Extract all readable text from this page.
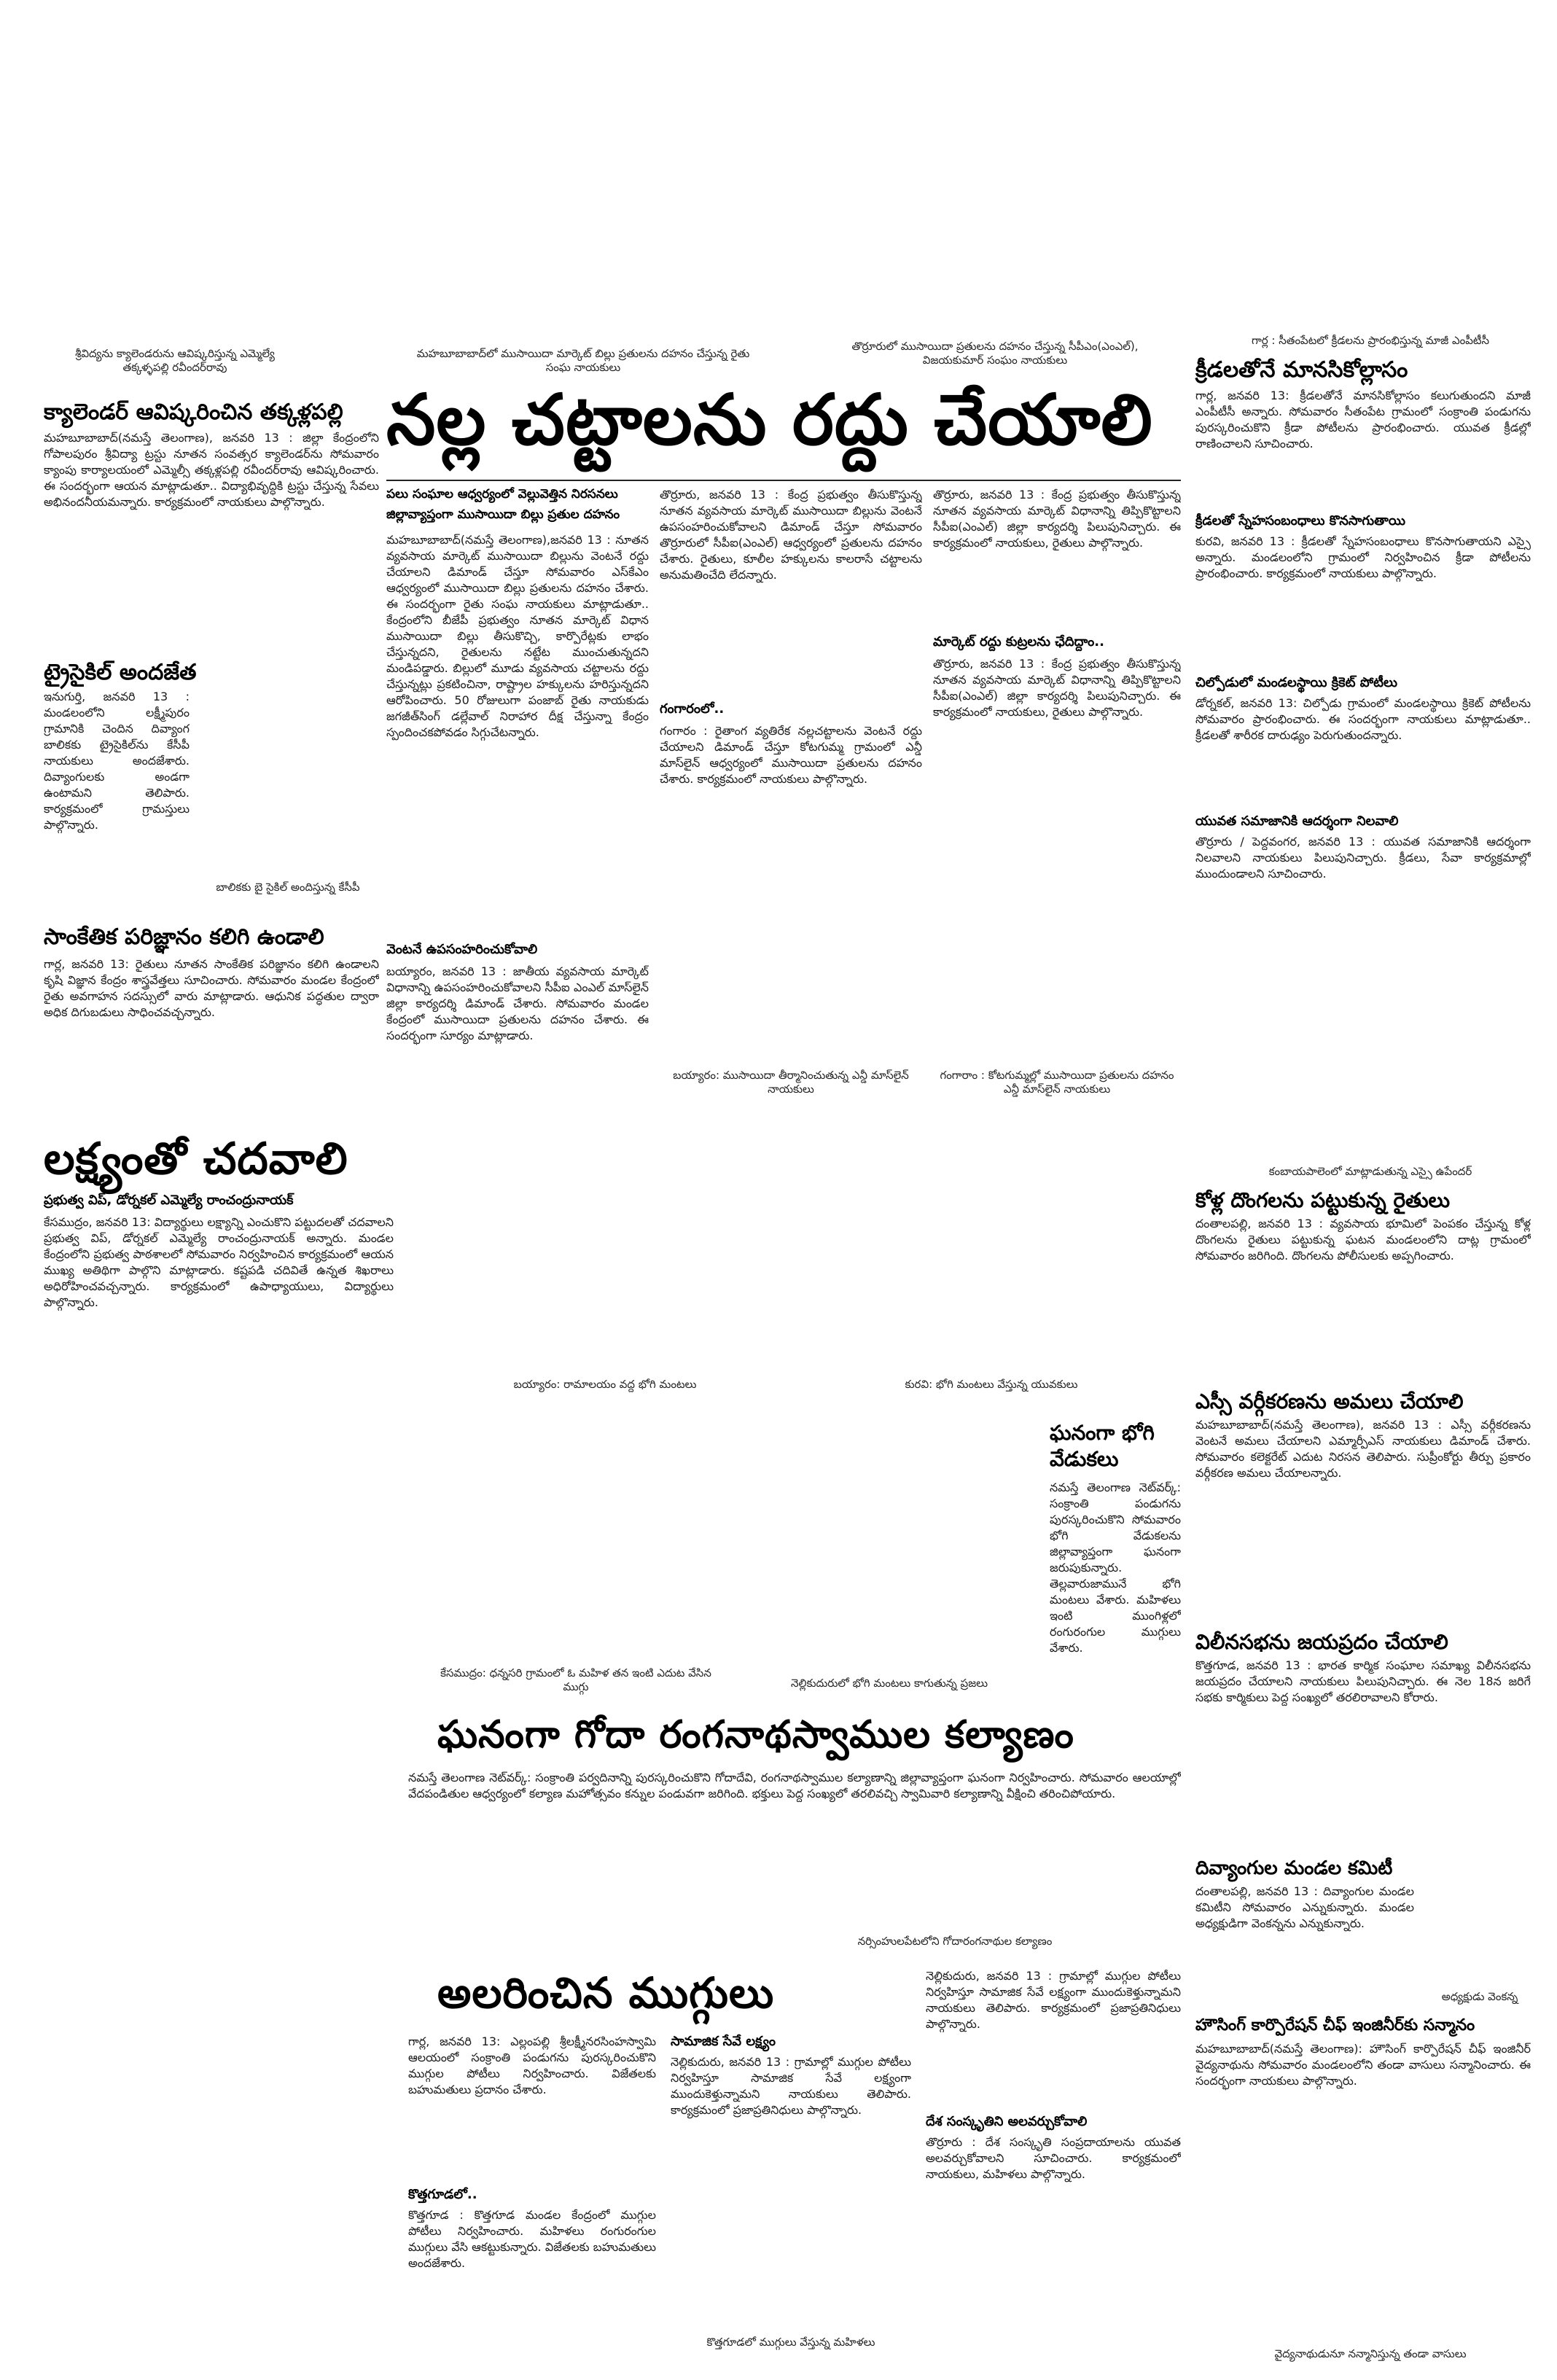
శ్రీవిద్యను క్యాలెండరును ఆవిష్కరిస్తున్న ఎమ్మెల్యే తక్కళ్ళపల్లి రవీందర్‌రావు
మహబూబాబాద్‌లో ముసాయిదా మార్కెట్ బిల్లు ప్రతులను దహనం చేస్తున్న రైతు సంఘ నాయకులు
తొర్రూరులో ముసాయిదా ప్రతులను దహనం చేస్తున్న సీపీఎం(ఎంఎల్), విజయకుమార్ సంఘం నాయకులు
గార్ల : సీతంపేటలో క్రీడలను ప్రారంభిస్తున్న మాజీ ఎంపీటీసీ
క్యాలెండర్ ఆవిష్కరించిన తక్కళ్లపల్లి
మహబూబాబాద్(నమస్తే తెలంగాణ), జనవరి 13 : జిల్లా కేంద్రంలోని గోపాలపురం శ్రీవిద్యా ట్రస్టు నూతన సంవత్సర క్యాలెండర్‌ను సోమవారం క్యాంపు కార్యాలయంలో ఎమ్మెల్సీ తక్కళ్లపల్లి రవీందర్‌రావు ఆవిష్కరించారు. ఈ సందర్భంగా ఆయన మాట్లాడుతూ.. విద్యాభివృద్ధికి ట్రస్టు చేస్తున్న సేవలు అభినందనీయమన్నారు. కార్యక్రమంలో నాయకులు పాల్గొన్నారు.
ట్రైసైకిల్ అందజేత
ఇనుగుర్తి, జనవరి 13 : మండలంలోని లక్ష్మీపురం గ్రామానికి చెందిన దివ్యాంగ బాలికకు ట్రైసైకిల్‌ను కేసీపీ నాయకులు అందజేశారు. దివ్యాంగులకు అండగా ఉంటామని తెలిపారు. కార్యక్రమంలో గ్రామస్తులు పాల్గొన్నారు.
బాలికకు బై సైకిల్ అందిస్తున్న కేసీపీ
సాంకేతిక పరిజ్ఞానం కలిగి ఉండాలి
గార్ల, జనవరి 13: రైతులు నూతన సాంకేతిక పరిజ్ఞానం కలిగి ఉండాలని కృషి విజ్ఞాన కేంద్రం శాస్త్రవేత్తలు సూచించారు. సోమవారం మండల కేంద్రంలో రైతు అవగాహన సదస్సులో వారు మాట్లాడారు. ఆధునిక పద్ధతుల ద్వారా అధిక దిగుబడులు సాధించవచ్చన్నారు.
నల్ల చట్టాలను రద్దు చేయాలి
పలు సంఘాల ఆధ్వర్యంలో వెల్లువెత్తిన నిరసనలు
జిల్లావ్యాప్తంగా ముసాయిదా బిల్లు ప్రతుల దహనం
మహబూబాబాద్(నమస్తే తెలంగాణ),జనవరి 13 : నూతన వ్యవసాయ మార్కెట్ ముసాయిదా బిల్లును వెంటనే రద్దు చేయాలని డిమాండ్ చేస్తూ సోమవారం ఎస్‌కేఎం ఆధ్వర్యంలో ముసాయిదా బిల్లు ప్రతులను దహనం చేశారు. ఈ సందర్భంగా రైతు సంఘ నాయకులు మాట్లాడుతూ.. కేంద్రంలోని బీజేపీ ప్రభుత్వం నూతన మార్కెట్ విధాన ముసాయిదా బిల్లు తీసుకొచ్చి, కార్పొరేట్లకు లాభం చేస్తున్నదని, రైతులను నట్టేట ముంచుతున్నదని మండిపడ్డారు. బిల్లులో మూడు వ్యవసాయ చట్టాలను రద్దు చేస్తున్నట్లు ప్రకటించినా, రాష్ట్రాల హక్కులను హరిస్తున్నదని ఆరోపించారు. 50 రోజులుగా పంజాబ్ రైతు నాయకుడు జగజీత్‌సింగ్ డల్లేవాల్ నిరాహార దీక్ష చేస్తున్నా కేంద్రం స్పందించకపోవడం సిగ్గుచేటన్నారు.
వెంటనే ఉపసంహరించుకోవాలి
బయ్యారం, జనవరి 13 : జాతీయ వ్యవసాయ మార్కెట్ విధానాన్ని ఉపసంహరించుకోవాలని సీపీఐ ఎంఎల్ మాస్‌లైన్ జిల్లా కార్యదర్శి డిమాండ్ చేశారు. సోమవారం మండల కేంద్రంలో ముసాయిదా ప్రతులను దహనం చేశారు. ఈ సందర్భంగా సూర్యం మాట్లాడారు.
తొర్రూరు, జనవరి 13 : కేంద్ర ప్రభుత్వం తీసుకొస్తున్న నూతన వ్యవసాయ మార్కెట్ ముసాయిదా బిల్లును వెంటనే ఉపసంహరించుకోవాలని డిమాండ్ చేస్తూ సోమవారం తొర్రూరులో సీపీఐ(ఎంఎల్) ఆధ్వర్యంలో ప్రతులను దహనం చేశారు. రైతులు, కూలీల హక్కులను కాలరాసే చట్టాలను అనుమతించేది లేదన్నారు.
గంగారంలో..
గంగారం : రైతాంగ వ్యతిరేక నల్లచట్టాలను వెంటనే రద్దు చేయాలని డిమాండ్ చేస్తూ కోటగుమ్మ గ్రామంలో ఎన్డీ మాస్‌లైన్ ఆధ్వర్యంలో ముసాయిదా ప్రతులను దహనం చేశారు. కార్యక్రమంలో నాయకులు పాల్గొన్నారు.
తొర్రూరు, జనవరి 13 : కేంద్ర ప్రభుత్వం తీసుకొస్తున్న నూతన వ్యవసాయ మార్కెట్ విధానాన్ని తిప్పికొట్టాలని సీపీఐ(ఎంఎల్) జిల్లా కార్యదర్శి పిలుపునిచ్చారు. ఈ కార్యక్రమంలో నాయకులు, రైతులు పాల్గొన్నారు.
మార్కెట్ రద్దు కుట్రలను ఛేదిద్దాం..
తొర్రూరు, జనవరి 13 : కేంద్ర ప్రభుత్వం తీసుకొస్తున్న నూతన వ్యవసాయ మార్కెట్ విధానాన్ని తిప్పికొట్టాలని సీపీఐ(ఎంఎల్) జిల్లా కార్యదర్శి పిలుపునిచ్చారు. ఈ కార్యక్రమంలో నాయకులు, రైతులు పాల్గొన్నారు.
బయ్యారం: ముసాయిదా తీర్మానించుతున్న ఎన్డీ మాస్‌లైన్ నాయకులు
గంగారాం : కోటగుమ్మల్లో ముసాయిదా ప్రతులను దహనం ఎన్డీ మాస్‌లైన్ నాయకులు
క్రీడలతోనే మానసికోల్లాసం
గార్ల, జనవరి 13: క్రీడలతోనే మానసికోల్లాసం కలుగుతుందని మాజీ ఎంపీటీసీ అన్నారు. సోమవారం సీతంపేట గ్రామంలో సంక్రాంతి పండుగను పురస్కరించుకొని క్రీడా పోటీలను ప్రారంభించారు. యువత క్రీడల్లో రాణించాలని సూచించారు.
క్రీడలతో స్నేహసంబంధాలు కొనసాగుతాయి
కురవి, జనవరి 13 : క్రీడలతో స్నేహసంబంధాలు కొనసాగుతాయని ఎస్సై అన్నారు. మండలంలోని గ్రామంలో నిర్వహించిన క్రీడా పోటీలను ప్రారంభించారు. కార్యక్రమంలో నాయకులు పాల్గొన్నారు.
చిల్పోడులో మండలస్థాయి క్రికెట్ పోటీలు
డోర్నకల్, జనవరి 13: చిల్పోడు గ్రామంలో మండలస్థాయి క్రికెట్ పోటీలను సోమవారం ప్రారంభించారు. ఈ సందర్భంగా నాయకులు మాట్లాడుతూ.. క్రీడలతో శారీరక దారుఢ్యం పెరుగుతుందన్నారు.
యువత సమాజానికి ఆదర్శంగా నిలవాలి
తొర్రూరు / పెద్దవంగర, జనవరి 13 : యువత సమాజానికి ఆదర్శంగా నిలవాలని నాయకులు పిలుపునిచ్చారు. క్రీడలు, సేవా కార్యక్రమాల్లో ముందుండాలని సూచించారు.
కంబాయపాలెంలో మాట్లాడుతున్న ఎస్సై ఉపేందర్
కోళ్ల దొంగలను పట్టుకున్న రైతులు
దంతాలపల్లి, జనవరి 13 : వ్యవసాయ భూమిలో పెంపకం చేస్తున్న కోళ్ల దొంగలను రైతులు పట్టుకున్న ఘటన మండలంలోని దాట్ల గ్రామంలో సోమవారం జరిగింది. దొంగలను పోలీసులకు అప్పగించారు.
ఎస్సీ వర్గీకరణను అమలు చేయాలి
మహబూబాబాద్(నమస్తే తెలంగాణ), జనవరి 13 : ఎస్సీ వర్గీకరణను వెంటనే అమలు చేయాలని ఎమ్మార్పీఎస్ నాయకులు డిమాండ్ చేశారు. సోమవారం కలెక్టరేట్ ఎదుట నిరసన తెలిపారు. సుప్రీంకోర్టు తీర్పు ప్రకారం వర్గీకరణ అమలు చేయాలన్నారు.
విలీనసభను జయప్రదం చేయాలి
కొత్తగూడ, జనవరి 13 : భారత కార్మిక సంఘాల సమాఖ్య విలీనసభను జయప్రదం చేయాలని నాయకులు పిలుపునిచ్చారు. ఈ నెల 18న జరిగే సభకు కార్మికులు పెద్ద సంఖ్యలో తరలిరావాలని కోరారు.
దివ్యాంగుల మండల కమిటీ
దంతాలపల్లి, జనవరి 13 : దివ్యాంగుల మండల కమిటీని సోమవారం ఎన్నుకున్నారు. మండల అధ్యక్షుడిగా వెంకన్నను ఎన్నుకున్నారు.
అధ్యక్షుడు వెంకన్న
హౌసింగ్ కార్పొరేషన్ చీఫ్ ఇంజినీర్‌కు సన్మానం
మహబూబాబాద్(నమస్తే తెలంగాణ): హౌసింగ్ కార్పొరేషన్ చీఫ్ ఇంజినీర్ వైద్యనాథును సోమవారం మండలంలోని తండా వాసులు సన్మానించారు. ఈ సందర్భంగా నాయకులు పాల్గొన్నారు.
వైద్యనాథుడునూ నన్మానిస్తున్న తండా వాసులు
లక్ష్యంతో చదవాలి
ప్రభుత్వ విప్, డోర్నకల్ ఎమ్మెల్యే రాంచంద్రునాయక్
కేసముద్రం, జనవరి 13: విద్యార్థులు లక్ష్యాన్ని ఎంచుకొని పట్టుదలతో చదవాలని ప్రభుత్వ విప్, డోర్నకల్ ఎమ్మెల్యే రాంచంద్రునాయక్ అన్నారు. మండల కేంద్రంలోని ప్రభుత్వ పాఠశాలలో సోమవారం నిర్వహించిన కార్యక్రమంలో ఆయన ముఖ్య అతిథిగా పాల్గొని మాట్లాడారు. కష్టపడి చదివితే ఉన్నత శిఖరాలు అధిరోహించవచ్చన్నారు. కార్యక్రమంలో ఉపాధ్యాయులు, విద్యార్థులు పాల్గొన్నారు.
బయ్యారం: రామాలయం వద్ద భోగి మంటలు	కురవి: భోగి మంటలు వేస్తున్న యువకులు
ఘనంగా భోగి వేడుకలు
నమస్తే తెలంగాణ నెట్‌వర్క్: సంక్రాంతి పండుగను పురస్కరించుకొని సోమవారం భోగి వేడుకలను జిల్లావ్యాప్తంగా ఘనంగా జరుపుకున్నారు. తెల్లవారుజామునే భోగి మంటలు వేశారు. మహిళలు ఇంటి ముంగిళ్లలో రంగురంగుల ముగ్గులు వేశారు.
కేసముద్రం: ధన్నసరి గ్రామంలో ఓ మహిళ తన ఇంటి ఎదుట వేసిన ముగ్గు	నెల్లికుదురులో భోగి మంటలు కాగుతున్న ప్రజలు
ఘనంగా గోదా రంగనాథస్వాముల కల్యాణం
నమస్తే తెలంగాణ నెట్‌వర్క్: సంక్రాంతి పర్వదినాన్ని పురస్కరించుకొని గోదాదేవి, రంగనాథస్వాముల కల్యాణాన్ని జిల్లావ్యాప్తంగా ఘనంగా నిర్వహించారు. సోమవారం ఆలయాల్లో వేదపండితుల ఆధ్వర్యంలో కల్యాణ మహోత్సవం కన్నుల పండువగా జరిగింది. భక్తులు పెద్ద సంఖ్యలో తరలివచ్చి స్వామివారి కల్యాణాన్ని వీక్షించి తరించిపోయారు.
నర్సింహులపేటలోని గోదారంగనాథుల కల్యాణం
అలరించిన ముగ్గులు
గార్ల, జనవరి 13: ఎల్లంపల్లి శ్రీలక్ష్మీనరసింహస్వామి ఆలయంలో సంక్రాంతి పండుగను పురస్కరించుకొని ముగ్గుల పోటీలు నిర్వహించారు. విజేతలకు బహుమతులు ప్రదానం చేశారు.
కొత్తగూడలో..
కొత్తగూడ : కొత్తగూడ మండల కేంద్రంలో ముగ్గుల పోటీలు నిర్వహించారు. మహిళలు రంగురంగుల ముగ్గులు వేసి ఆకట్టుకున్నారు. విజేతలకు బహుమతులు అందజేశారు.
సామాజిక సేవే లక్ష్యం
నెల్లికుదురు, జనవరి 13 : గ్రామాల్లో ముగ్గుల పోటీలు నిర్వహిస్తూ సామాజిక సేవే లక్ష్యంగా ముందుకెళ్తున్నామని నాయకులు తెలిపారు. కార్యక్రమంలో ప్రజాప్రతినిధులు పాల్గొన్నారు.
కొత్తగూడలో ముగ్గులు వేస్తున్న మహిళలు
నెల్లికుదురు, జనవరి 13 : గ్రామాల్లో ముగ్గుల పోటీలు నిర్వహిస్తూ సామాజిక సేవే లక్ష్యంగా ముందుకెళ్తున్నామని నాయకులు తెలిపారు. కార్యక్రమంలో ప్రజాప్రతినిధులు పాల్గొన్నారు.
దేశ సంస్కృతిని అలవర్చుకోవాలి
తొర్రూరు : దేశ సంస్కృతి సంప్రదాయాలను యువత అలవర్చుకోవాలని సూచించారు. కార్యక్రమంలో నాయకులు, మహిళలు పాల్గొన్నారు.
